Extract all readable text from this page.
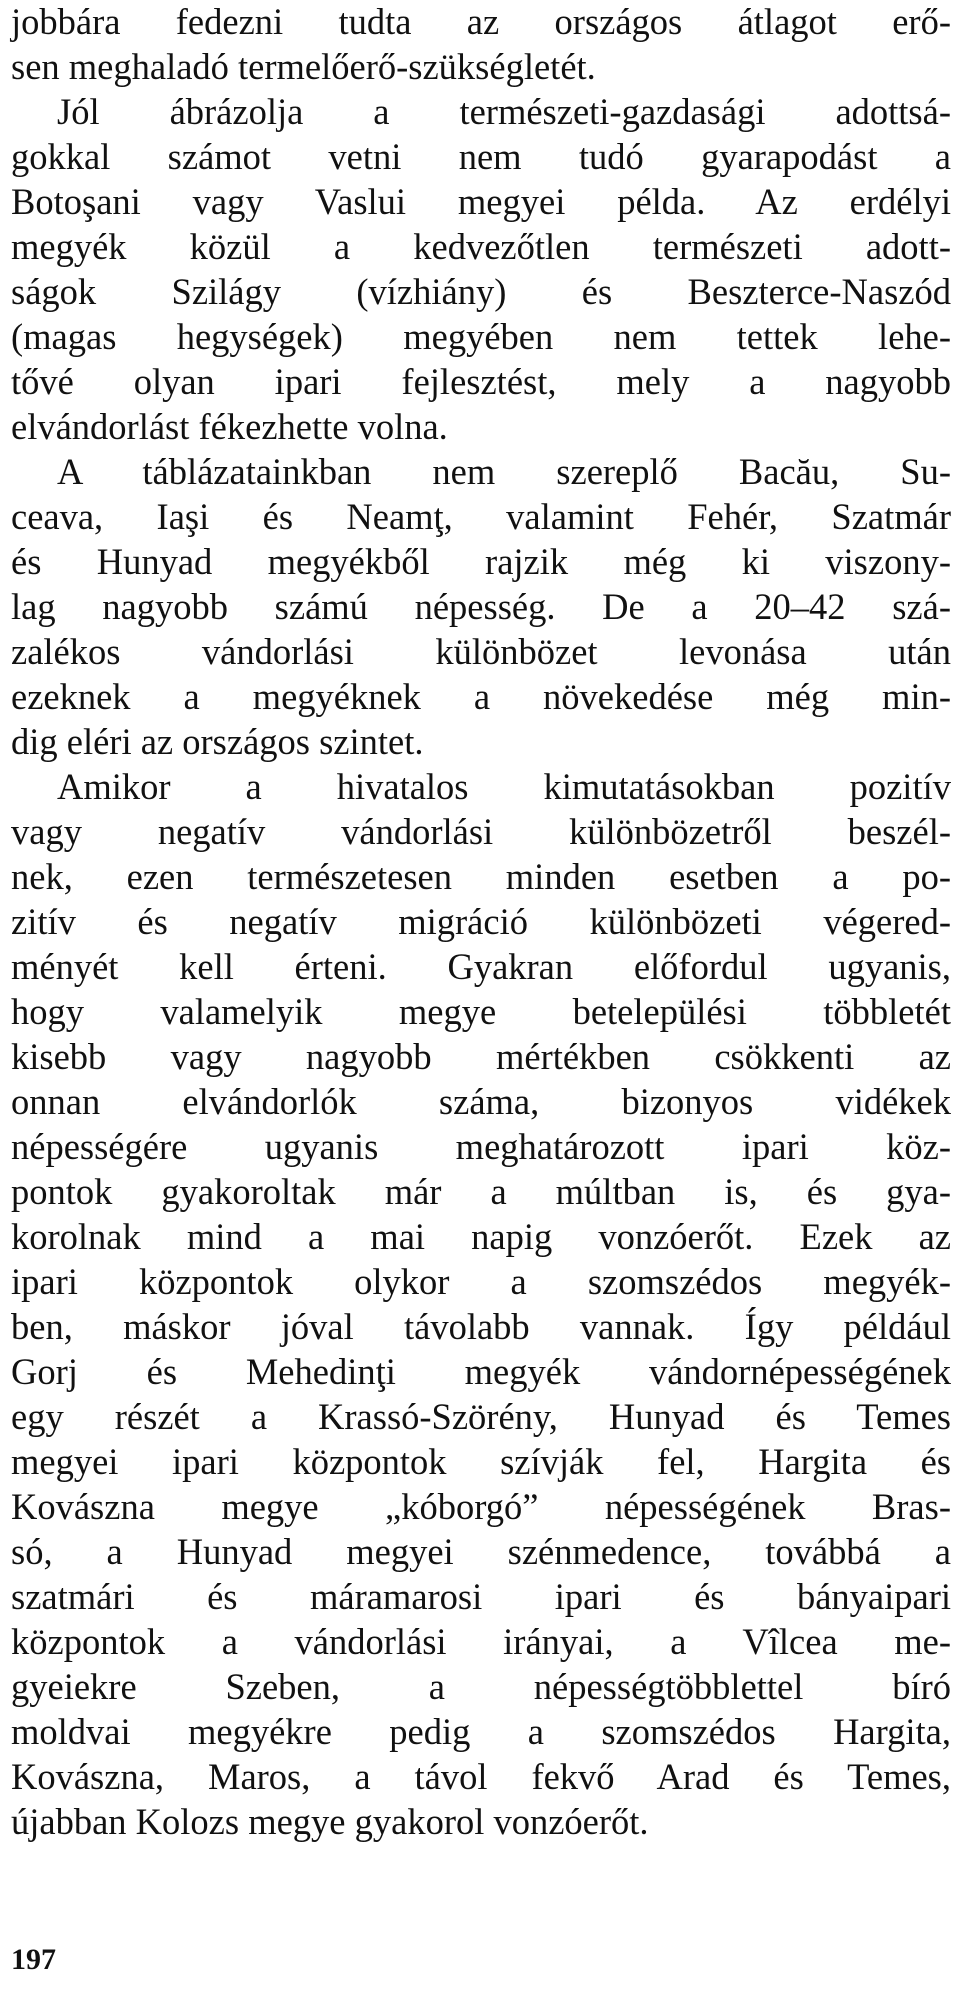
jobbára fedezni tudta az országos átlagot erő-
sen meghaladó termelőerő-szükségletét.
Jól ábrázolja a természeti-gazdasági adottsá-
gokkal számot vetni nem tudó gyarapodást a
Botoşani vagy Vaslui megyei példa. Az erdélyi
megyék közül a kedvezőtlen természeti adott-
ságok Szilágy (vízhiány) és Beszterce-Naszód
(magas hegységek) megyében nem tettek lehe-
tővé olyan ipari fejlesztést, mely a nagyobb
elvándorlást fékezhette volna.
A táblázatainkban nem szereplő Bacău, Su-
ceava, Iaşi és Neamţ, valamint Fehér, Szatmár
és Hunyad megyékből rajzik még ki viszony-
lag nagyobb számú népesség. De a 20–42 szá-
zalékos vándorlási különbözet levonása után
ezeknek a megyéknek a növekedése még min-
dig eléri az országos szintet.
Amikor a hivatalos kimutatásokban pozitív
vagy negatív vándorlási különbözetről beszél-
nek, ezen természetesen minden esetben a po-
zitív és negatív migráció különbözeti végered-
ményét kell érteni. Gyakran előfordul ugyanis,
hogy valamelyik megye betelepülési többletét
kisebb vagy nagyobb mértékben csökkenti az
onnan elvándorlók száma, bizonyos vidékek
népességére ugyanis meghatározott ipari köz-
pontok gyakoroltak már a múltban is, és gya-
korolnak mind a mai napig vonzóerőt. Ezek az
ipari központok olykor a szomszédos megyék-
ben, máskor jóval távolabb vannak. Így például
Gorj és Mehedinţi megyék vándornépességének
egy részét a Krassó-Szörény, Hunyad és Temes
megyei ipari központok szívják fel, Hargita és
Kovászna megye „kóborgó” népességének Bras-
só, a Hunyad megyei szénmedence, továbbá a
szatmári és máramarosi ipari és bányaipari
központok a vándorlási irányai, a Vîlcea me-
gyeiekre Szeben, a népességtöbblettel bíró
moldvai megyékre pedig a szomszédos Hargita,
Kovászna, Maros, a távol fekvő Arad és Temes,
újabban Kolozs megye gyakorol vonzóerőt.
197
